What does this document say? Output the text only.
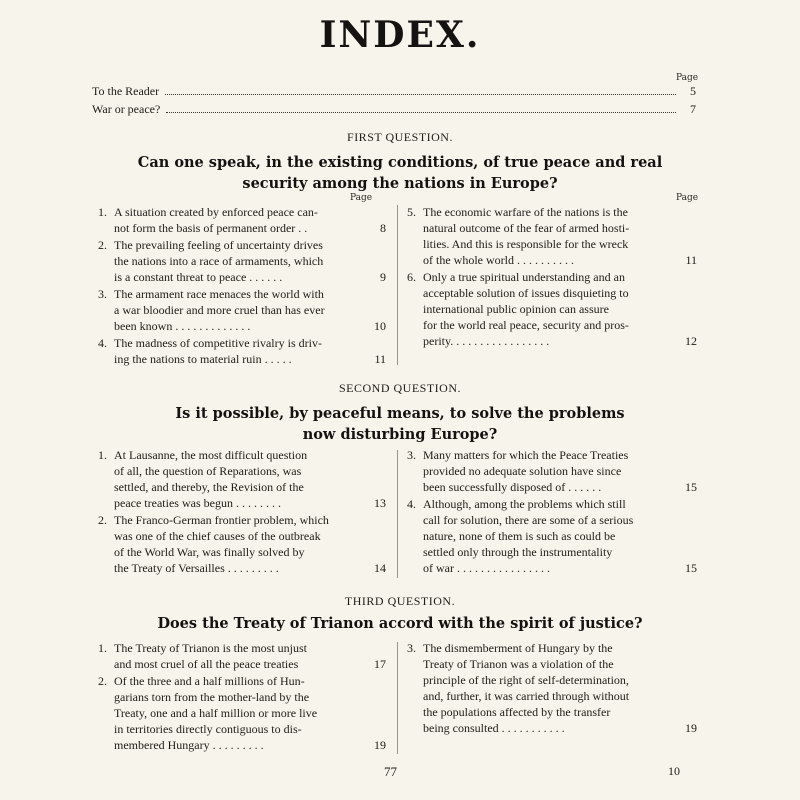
INDEX.
Page
To the Reader	5
War or peace?	7
FIRST QUESTION.
Can one speak, in the existing conditions, of true peace and real
security among the nations in Europe?
Page	Page
1. A situation created by enforced peace can-
not form the basis of permanent order . .	8
2. The prevailing feeling of uncertainty drives
the nations into a race of armaments, which
is a constant threat to peace . . . . . .	9
3. The armament race menaces the world with
a war bloodier and more cruel than has ever
been known . . . . . . . . . . . . .	10
4. The madness of competitive rivalry is driv-
ing the nations to material ruin . . . . .	11
5. The economic warfare of the nations is the
natural outcome of the fear of armed hosti-
lities. And this is responsible for the wreck
of the whole world . . . . . . . . . .	11
6. Only a true spiritual understanding and an
acceptable solution of issues disquieting to
international public opinion can assure
for the world real peace, security and pros-
perity. . . . . . . . . . . . . . . . .	12
SECOND QUESTION.
Is it possible, by peaceful means, to solve the problems
now disturbing Europe?
1. At Lausanne, the most difficult question
of all, the question of Reparations, was
settled, and thereby, the Revision of the
peace treaties was begun . . . . . . . .	13
2. The Franco-German frontier problem, which
was one of the chief causes of the outbreak
of the World War, was finally solved by
the Treaty of Versailles . . . . . . . . .	14
3. Many matters for which the Peace Treaties
provided no adequate solution have since
been successfully disposed of . . . . . .	15
4. Although, among the problems which still
call for solution, there are some of a serious
nature, none of them is such as could be
settled only through the instrumentality
of war . . . . . . . . . . . . . . . .	15
THIRD QUESTION.
Does the Treaty of Trianon accord with the spirit of justice?
1. The Treaty of Trianon is the most unjust
and most cruel of all the peace treaties	17
2. Of the three and a half millions of Hun-
garians torn from the mother-land by the
Treaty, one and a half million or more live
in territories directly contiguous to dis-
membered Hungary . . . . . . . . .	19
3. The dismemberment of Hungary by the
Treaty of Trianon was a violation of the
principle of the right of self-determination,
and, further, it was carried through without
the populations affected by the transfer
being consulted . . . . . . . . . . .	19
77	10
